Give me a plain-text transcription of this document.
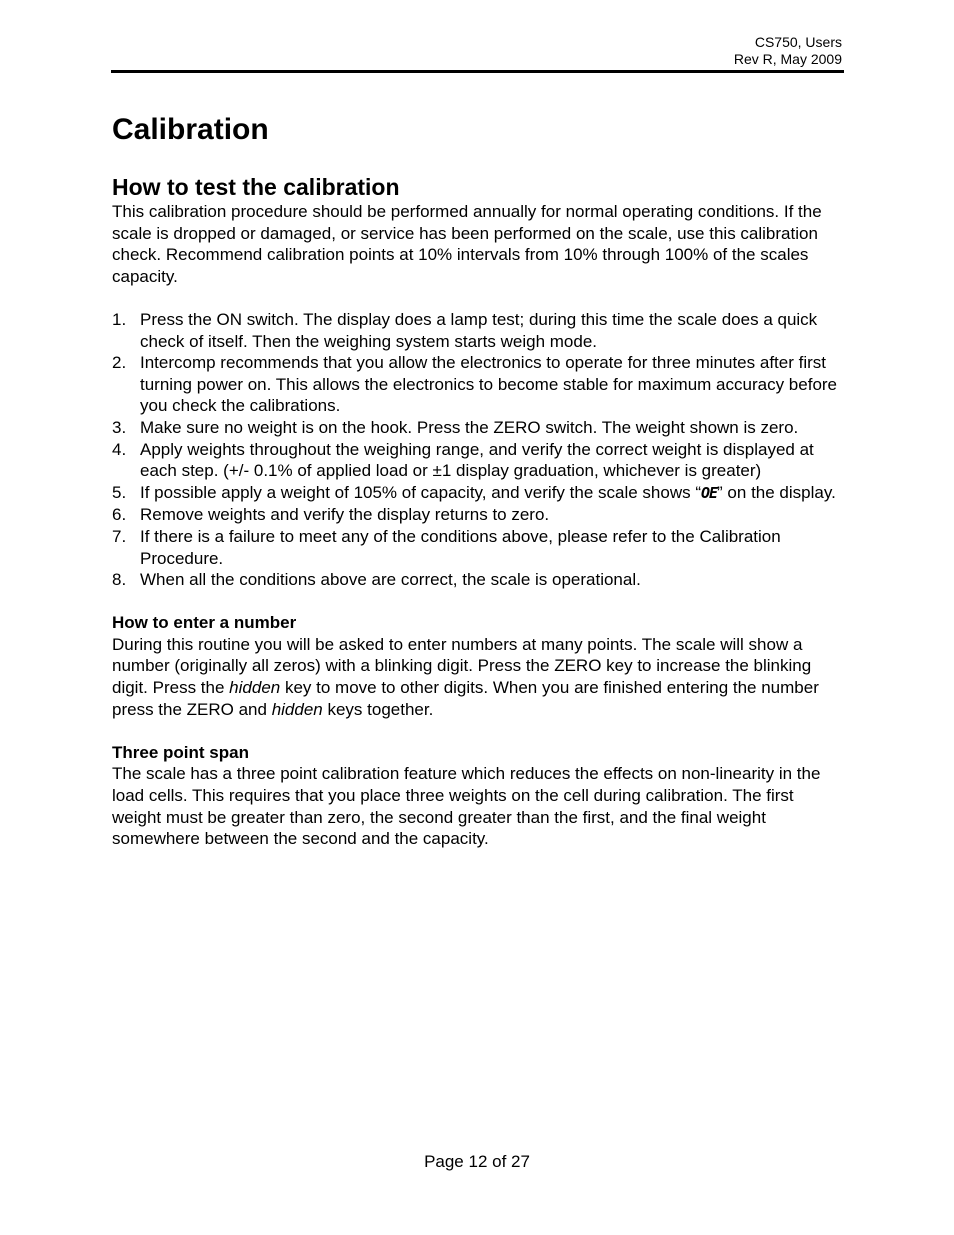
CS750, Users
Rev R, May 2009
Calibration
How to test the calibration

This calibration procedure should be performed annually for normal operating conditions. If the scale is dropped or damaged, or service has been performed on the scale, use this calibration check. Recommend calibration points at 10% intervals from 10% through 100% of the scales capacity.

1. Press the ON switch. The display does a lamp test; during this time the scale does a quick check of itself. Then the weighing system starts weigh mode.
2. Intercomp recommends that you allow the electronics to operate for three minutes after first turning power on. This allows the electronics to become stable for maximum accuracy before you check the calibrations.
3. Make sure no weight is on the hook. Press the ZERO switch. The weight shown is zero.
4. Apply weights throughout the weighing range, and verify the correct weight is displayed at each step. (+/- 0.1% of applied load or ±1 display graduation, whichever is greater)
5. If possible apply a weight of 105% of capacity, and verify the scale shows “OE” on the display.
6. Remove weights and verify the display returns to zero.
7. If there is a failure to meet any of the conditions above, please refer to the Calibration Procedure.
8. When all the conditions above are correct, the scale is operational.
How to enter a number

During this routine you will be asked to enter numbers at many points. The scale will show a number (originally all zeros) with a blinking digit. Press the ZERO key to increase the blinking digit. Press the hidden key to move to other digits. When you are finished entering the number press the ZERO and hidden keys together.

Three point span

The scale has a three point calibration feature which reduces the effects on non-linearity in the load cells. This requires that you place three weights on the cell during calibration. The first weight must be greater than zero, the second greater than the first, and the final weight somewhere between the second and the capacity.

Page 12 of 27
